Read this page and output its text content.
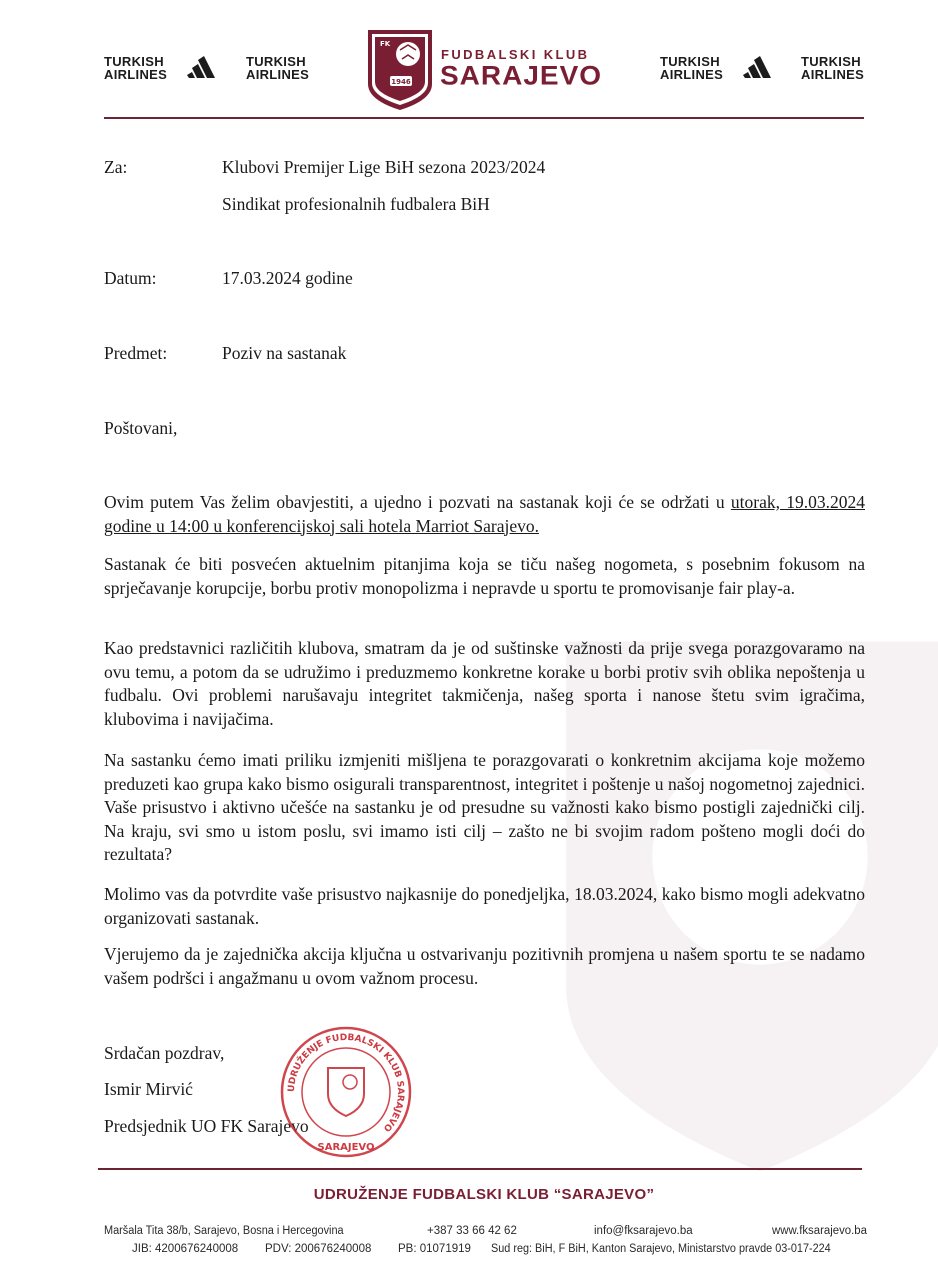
TURKISH
AIRLINES
TURKISH
AIRLINES	1946
FK
FUDBALSKI KLUB
SARAJEVO	TURKISH
AIRLINES
TURKISH
AIRLINES
Za:	Klubovi Premijer Lige BiH sezona 2023/2024
Sindikat profesionalnih fudbalera BiH
Datum:	17.03.2024 godine
Predmet:	Poziv na sastanak
Poštovani,
Ovim putem Vas želim obavjestiti, a ujedno i pozvati na sastanak koji će se održati u utorak, 19.03.2024 godine u 14:00 u konferencijskoj sali hotela Marriot Sarajevo.
Sastanak će biti posvećen aktuelnim pitanjima koja se tiču našeg nogometa, s posebnim fokusom na sprječavanje korupcije, borbu protiv monopolizma i nepravde u sportu te promovisanje fair play-a.
Kao predstavnici različitih klubova, smatram da je od suštinske važnosti da prije svega porazgovaramo na ovu temu, a potom da se udružimo i preduzmemo konkretne korake u borbi protiv svih oblika nepoštenja u fudbalu. Ovi problemi narušavaju integritet takmičenja, našeg sporta i nanose štetu svim igračima, klubovima i navijačima.
Na sastanku ćemo imati priliku izmjeniti mišljena te porazgovarati o konkretnim akcijama koje možemo preduzeti kao grupa kako bismo osigurali transparentnost, integritet i poštenje u našoj nogometnoj zajednici. Vaše prisustvo i aktivno učešće na sastanku je od presudne su važnosti kako bismo postigli zajednički cilj. Na kraju, svi smo u istom poslu, svi imamo isti cilj – zašto ne bi svojim radom pošteno mogli doći do rezultata?
Molimo vas da potvrdite vaše prisustvo najkasnije do ponedjeljka, 18.03.2024, kako bismo mogli adekvatno organizovati sastanak.
Vjerujemo da je zajednička akcija ključna u ostvarivanju pozitivnih promjena u našem sportu te se nadamo vašem podršci i angažmanu u ovom važnom procesu.
Srdačan pozdrav,
Ismir Mirvić
Predsjednik UO FK Sarajevo
UDRUŽENJE FUDBALSKI KLUB SARAJEVO
SARAJEVO
UDRUŽENJE FUDBALSKI KLUB “SARAJEVO”
Maršala Tita 38/b, Sarajevo, Bosna i Hercegovina	+387 33 66 42 62	info@fksarajevo.ba	www.fksarajevo.ba
JIB: 4200676240008 PDV: 200676240008 PB: 01071919 Sud reg: BiH, F BiH, Kanton Sarajevo, Ministarstvo pravde 03-017-224
